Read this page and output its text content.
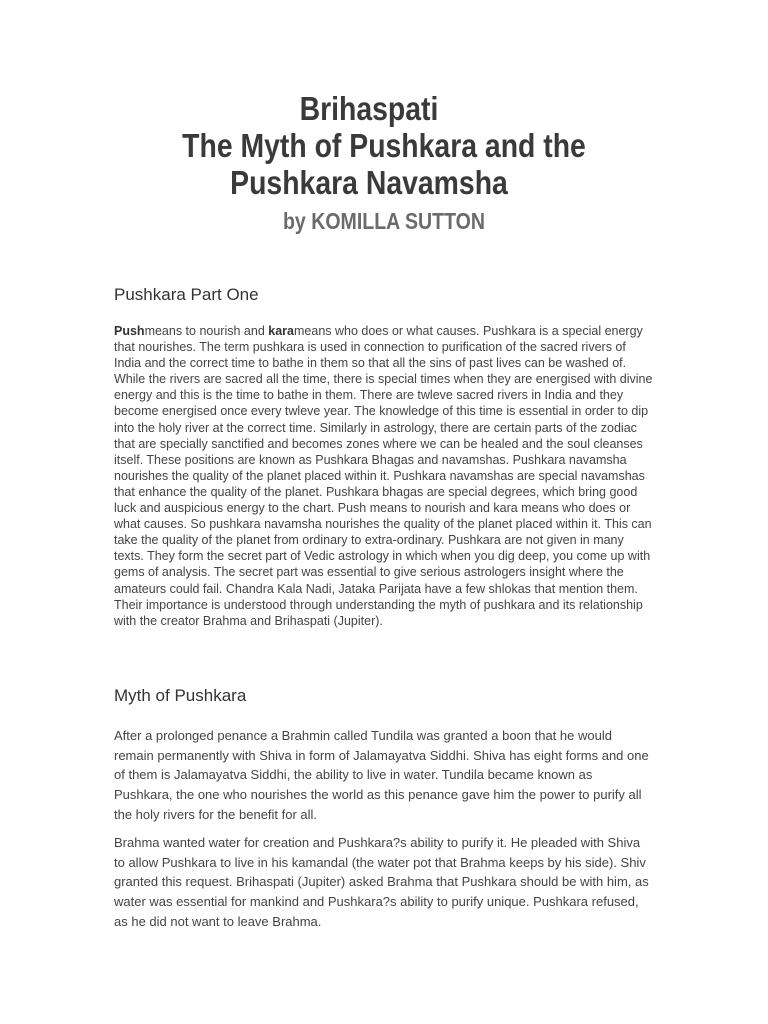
Brihaspati
The Myth of Pushkara and the
Pushkara Navamsha
by KOMILLA SUTTON
Pushkara Part One
Pushmeans to nourish and karameans who does or what causes. Pushkara is a special energy
that nourishes. The term pushkara is used in connection to purification of the sacred rivers of
India and the correct time to bathe in them so that all the sins of past lives can be washed of.
While the rivers are sacred all the time, there is special times when they are energised with divine
energy and this is the time to bathe in them. There are twleve sacred rivers in India and they
become energised once every twleve year. The knowledge of this time is essential in order to dip
into the holy river at the correct time. Similarly in astrology, there are certain parts of the zodiac
that are specially sanctified and becomes zones where we can be healed and the soul cleanses
itself. These positions are known as Pushkara Bhagas and navamshas. Pushkara navamsha
nourishes the quality of the planet placed within it. Pushkara navamshas are special navamshas
that enhance the quality of the planet. Pushkara bhagas are special degrees, which bring good
luck and auspicious energy to the chart. Push means to nourish and kara means who does or
what causes. So pushkara navamsha nourishes the quality of the planet placed within it. This can
take the quality of the planet from ordinary to extra-ordinary. Pushkara are not given in many
texts. They form the secret part of Vedic astrology in which when you dig deep, you come up with
gems of analysis. The secret part was essential to give serious astrologers insight where the
amateurs could fail. Chandra Kala Nadi, Jataka Parijata have a few shlokas that mention them.
Their importance is understood through understanding the myth of pushkara and its relationship
with the creator Brahma and Brihaspati (Jupiter).
Myth of Pushkara
After a prolonged penance a Brahmin called Tundila was granted a boon that he would
remain permanently with Shiva in form of Jalamayatva Siddhi. Shiva has eight forms and one
of them is Jalamayatva Siddhi, the ability to live in water. Tundila became known as
Pushkara, the one who nourishes the world as this penance gave him the power to purify all
the holy rivers for the benefit for all.
Brahma wanted water for creation and Pushkara?s ability to purify it. He pleaded with Shiva
to allow Pushkara to live in his kamandal (the water pot that Brahma keeps by his side). Shiv
granted this request. Brihaspati (Jupiter) asked Brahma that Pushkara should be with him, as
water was essential for mankind and Pushkara?s ability to purify unique. Pushkara refused,
as he did not want to leave Brahma.
